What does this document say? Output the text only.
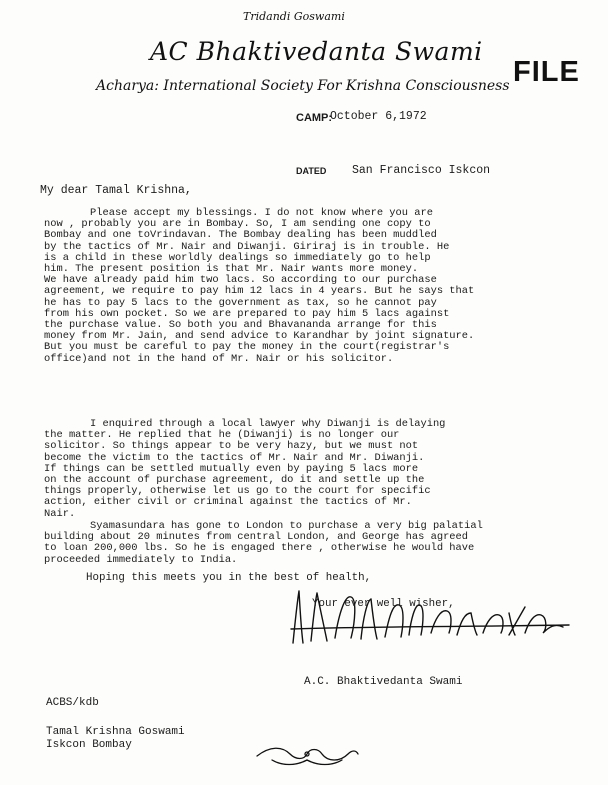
Tridandi Goswami
AC Bhaktivedanta Swami
Acharya: International Society For Krishna Consciousness FILE
CAMP:
October 6,1972
DATED San Francisco Iskcon
My dear Tamal Krishna,
Please accept my blessings. I do not know where you are
now , probably you are in Bombay. So, I am sending one copy to
Bombay and one toVrindavan. The Bombay dealing has been muddled
by the tactics of Mr. Nair and Diwanji. Giriraj is in trouble. He
is a child in these worldly dealings so immediately go to help
him. The present position is that Mr. Nair wants more money.
We have already paid him two lacs. So according to our purchase
agreement, we require to pay him 12 lacs in 4 years. But he says that
he has to pay 5 lacs to the government as tax, so he cannot pay
from his own pocket. So we are prepared to pay him 5 lacs against
the purchase value. So both you and Bhavananda arrange for this
money from Mr. Jain, and send advice to Karandhar by joint signature.
But you must be careful to pay the money in the court(registrar's
office)and not in the hand of Mr. Nair or his solicitor.
I enquired through a local lawyer why Diwanji is delaying
the matter. He replied that he (Diwanji) is no longer our
solicitor. So things appear to be very hazy, but we must not
become the victim to the tactics of Mr. Nair and Mr. Diwanji.
If things can be settled mutually even by paying 5 lacs more
on the account of purchase agreement, do it and settle up the
things properly, otherwise let us go to the court for specific
action, either civil or criminal against the tactics of Mr.
Nair.
Syamasundara has gone to London to purchase a very big palatial
building about 20 minutes from central London, and George has agreed
to loan 200,000 lbs. So he is engaged there , otherwise he would have
proceeded immediately to India.
Hoping this meets you in the best of health,
Your ever well wisher,
A.C. Bhaktivedanta Swami
ACBS/kdb
Tamal Krishna Goswami
Iskcon Bombay
